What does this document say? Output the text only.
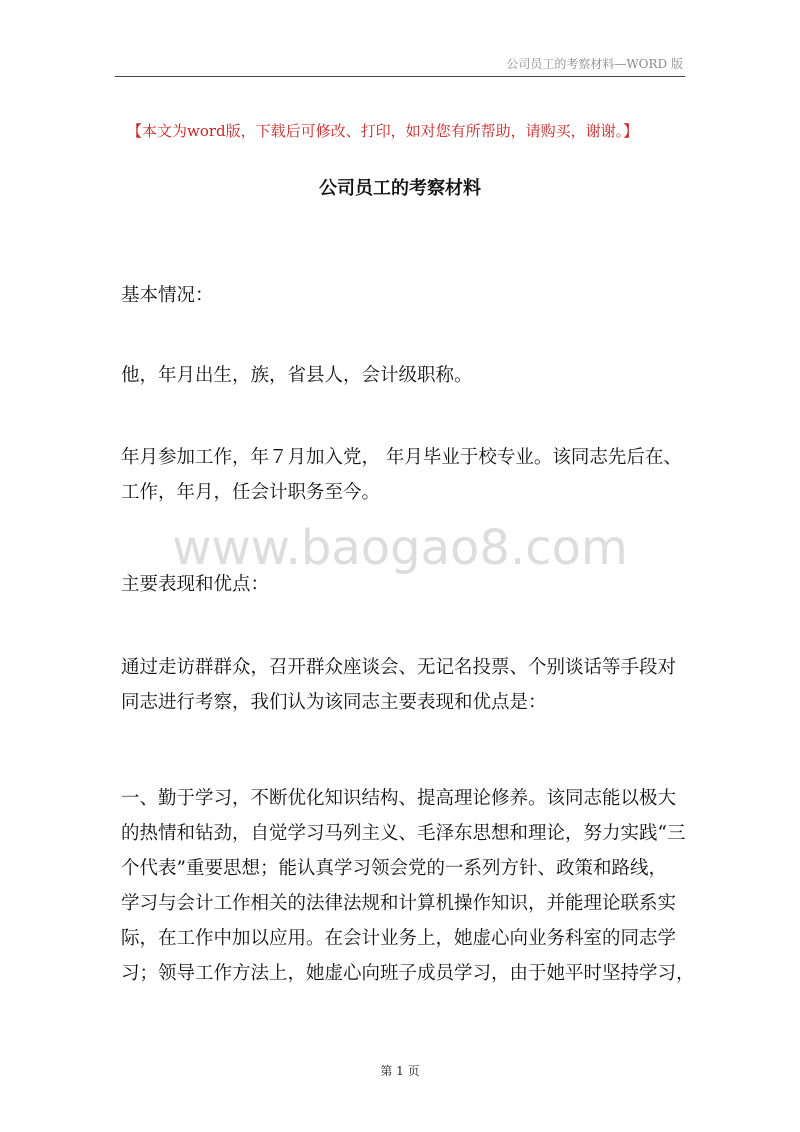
公司员工的考察材料—WORD 版
【本文为word版，下载后可修改、打印，如对您有所帮助，请购买，谢谢。】
公司员工的考察材料
基本情况：
他，年月出生，族，省县人，会计级职称。
年月参加工作，年７月加入党， 年月毕业于校专业。该同志先后在、
工作，年月，任会计职务至今。
www.baogao8.com
主要表现和优点：
通过走访群群众，召开群众座谈会、无记名投票、个别谈话等手段对
同志进行考察，我们认为该同志主要表现和优点是：
一、勤于学习，不断优化知识结构、提高理论修养。该同志能以极大
的热情和钻劲，自觉学习马列主义、毛泽东思想和理论，努力实践“三
个代表”重要思想；能认真学习领会党的一系列方针、政策和路线，
学习与会计工作相关的法律法规和计算机操作知识，并能理论联系实
际，在工作中加以应用。在会计业务上，她虚心向业务科室的同志学
习；领导工作方法上，她虚心向班子成员学习，由于她平时坚持学习，
第 1 页
